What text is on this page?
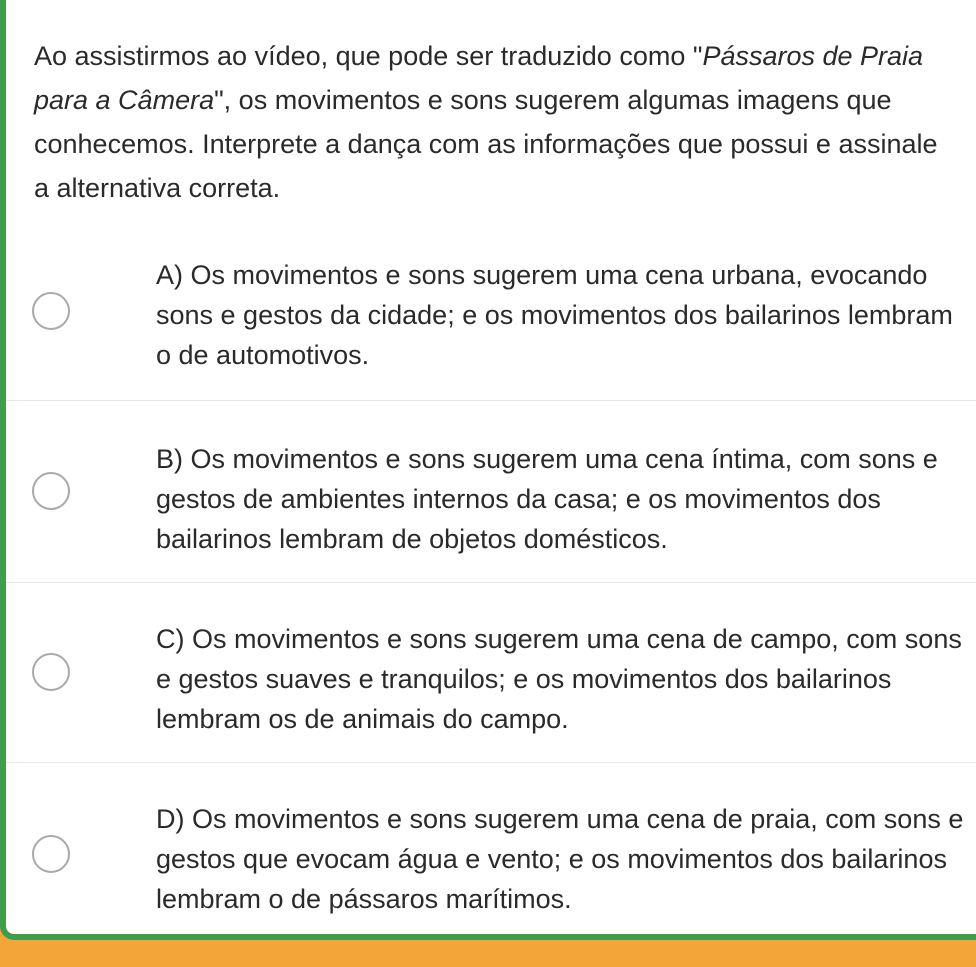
Ao assistirmos ao vídeo, que pode ser traduzido como "Pássaros de Praia para a Câmera", os movimentos e sons sugerem algumas imagens que conhecemos. Interprete a dança com as informações que possui e assinale a alternativa correta.
A) Os movimentos e sons sugerem uma cena urbana, evocando sons e gestos da cidade; e os movimentos dos bailarinos lembram o de automotivos.
B) Os movimentos e sons sugerem uma cena íntima, com sons e gestos de ambientes internos da casa; e os movimentos dos bailarinos lembram de objetos domésticos.
C) Os movimentos e sons sugerem uma cena de campo, com sons e gestos suaves e tranquilos; e os movimentos dos bailarinos lembram os de animais do campo.
D) Os movimentos e sons sugerem uma cena de praia, com sons e gestos que evocam água e vento; e os movimentos dos bailarinos lembram o de pássaros marítimos.
